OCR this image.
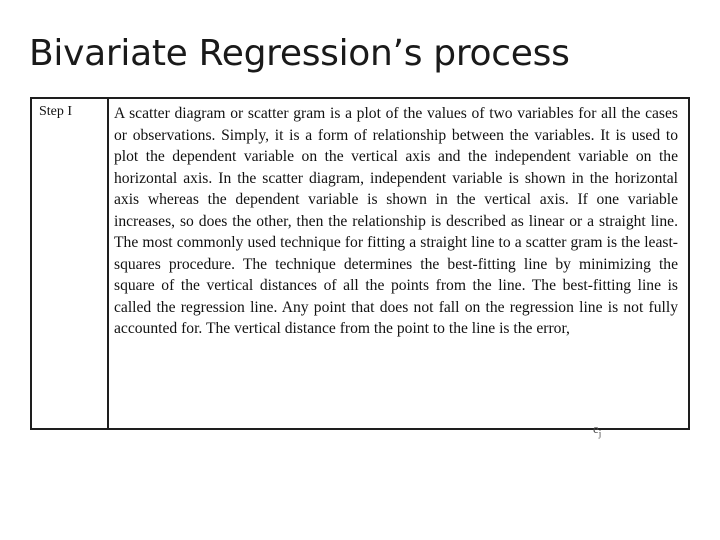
Bivariate Regression’s process
Step I	A scatter diagram or scatter gram is a plot of the values of two variables for all the cases or observations. Simply, it is a form of relationship between the variables. It is used to plot the dependent variable on the vertical axis and the independent variable on the horizontal axis. In the scatter diagram, independent variable is shown in the horizontal axis whereas the dependent variable is shown in the vertical axis. If one variable increases, so does the other, then the relationship is described as linear or a straight line. The most commonly used technique for fitting a straight line to a scatter gram is the least-squares procedure. The technique determines the best-fitting line by minimizing the square of the vertical distances of all the points from the line. The best-fitting line is called the regression line. Any point that does not fall on the regression line is not fully accounted for. The vertical distance from the point to the line is the error,

$e_j$
